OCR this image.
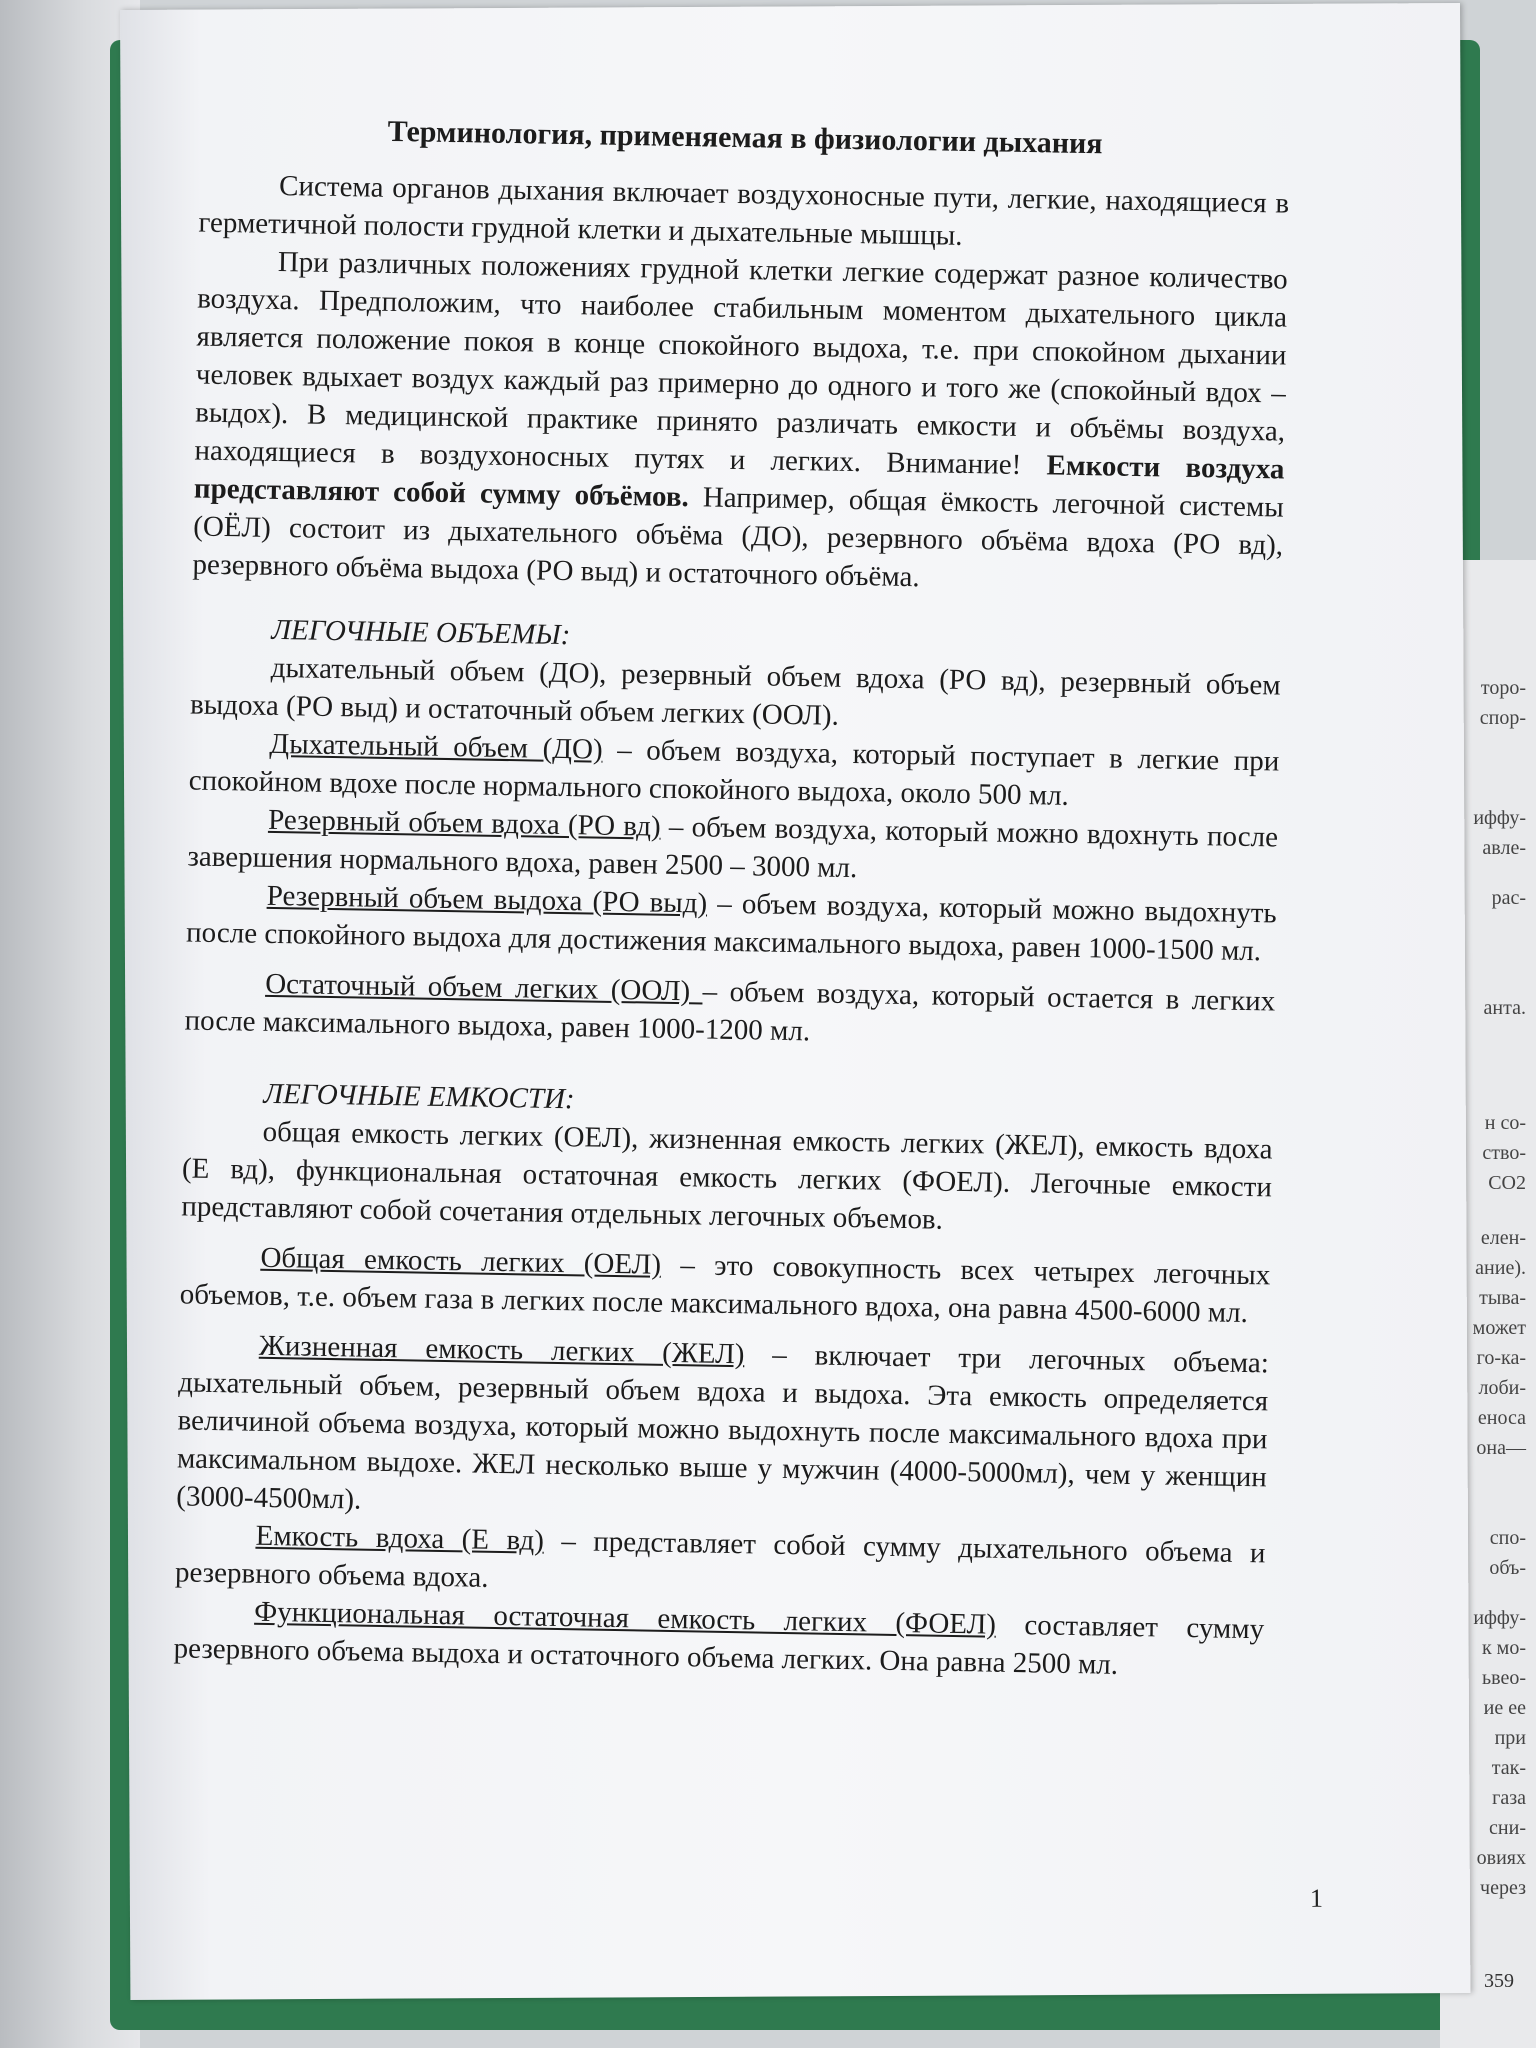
торо-
спор-
иффу-
авле-
рас-
анта.
н со-
ство-
СО2
елен-
ание).
тыва-
может
го-ка-
лоби-
еноса
она—
спо-
объ-
иффу-
к мо-
ьвео-
ие ее
при
так-
газа
сни-
овиях
через
359
Терминология, применяемая в физиологии дыхания

Система органов дыхания включает воздухоносные пути, легкие, находящиеся в герметичной полости грудной клетки и дыхательные мышцы.

При различных положениях грудной клетки легкие содержат разное количество воздуха. Предположим, что наиболее стабильным моментом дыхательного цикла является положение покоя в конце спокойного выдоха, т.е. при спокойном дыхании человек вдыхает воздух каждый раз примерно до одного и того же (спокойный вдох – выдох). В медицинской практике принято различать емкости и объёмы воздуха, находящиеся в воздухоносных путях и легких. Внимание! Емкости воздуха представляют собой сумму объёмов. Например, общая ёмкость легочной системы (ОЁЛ) состоит из дыхательного объёма (ДО), резервного объёма вдоха (РО вд), резервного объёма выдоха (РО выд) и остаточного объёма.

ЛЕГОЧНЫЕ ОБЪЕМЫ:

дыхательный объем (ДО), резервный объем вдоха (РО вд), резервный объем выдоха (РО выд) и остаточный объем легких (ООЛ).

Дыхательный объем (ДО) – объем воздуха, который поступает в легкие при спокойном вдохе после нормального спокойного выдоха, около 500 мл.

Резервный объем вдоха (РО вд) – объем воздуха, который можно вдохнуть после завершения нормального вдоха, равен 2500 – 3000 мл.

Резервный объем выдоха (РО выд) – объем воздуха, который можно выдохнуть после спокойного выдоха для достижения максимального выдоха, равен 1000-1500 мл.

Остаточный объем легких (ООЛ) – объем воздуха, который остается в легких после максимального выдоха, равен 1000-1200 мл.

ЛЕГОЧНЫЕ ЕМКОСТИ:

общая емкость легких (ОЕЛ), жизненная емкость легких (ЖЕЛ), емкость вдоха (Е вд), функциональная остаточная емкость легких (ФОЕЛ). Легочные емкости представляют собой сочетания отдельных легочных объемов.

Общая емкость легких (ОЕЛ) – это совокупность всех четырех легочных объемов, т.е. объем газа в легких после максимального вдоха, она равна 4500-6000 мл.

Жизненная емкость легких (ЖЕЛ) – включает три легочных объема: дыхательный объем, резервный объем вдоха и выдоха. Эта емкость определяется величиной объема воздуха, который можно выдохнуть после максимального вдоха при максимальном выдохе. ЖЕЛ несколько выше у мужчин (4000-5000мл), чем у женщин (3000-4500мл).

Емкость вдоха (Е вд) – представляет собой сумму дыхательного объема и резервного объема вдоха.

Функциональная остаточная емкость легких (ФОЕЛ) составляет сумму резервного объема выдоха и остаточного объема легких. Она равна 2500 мл.

1
